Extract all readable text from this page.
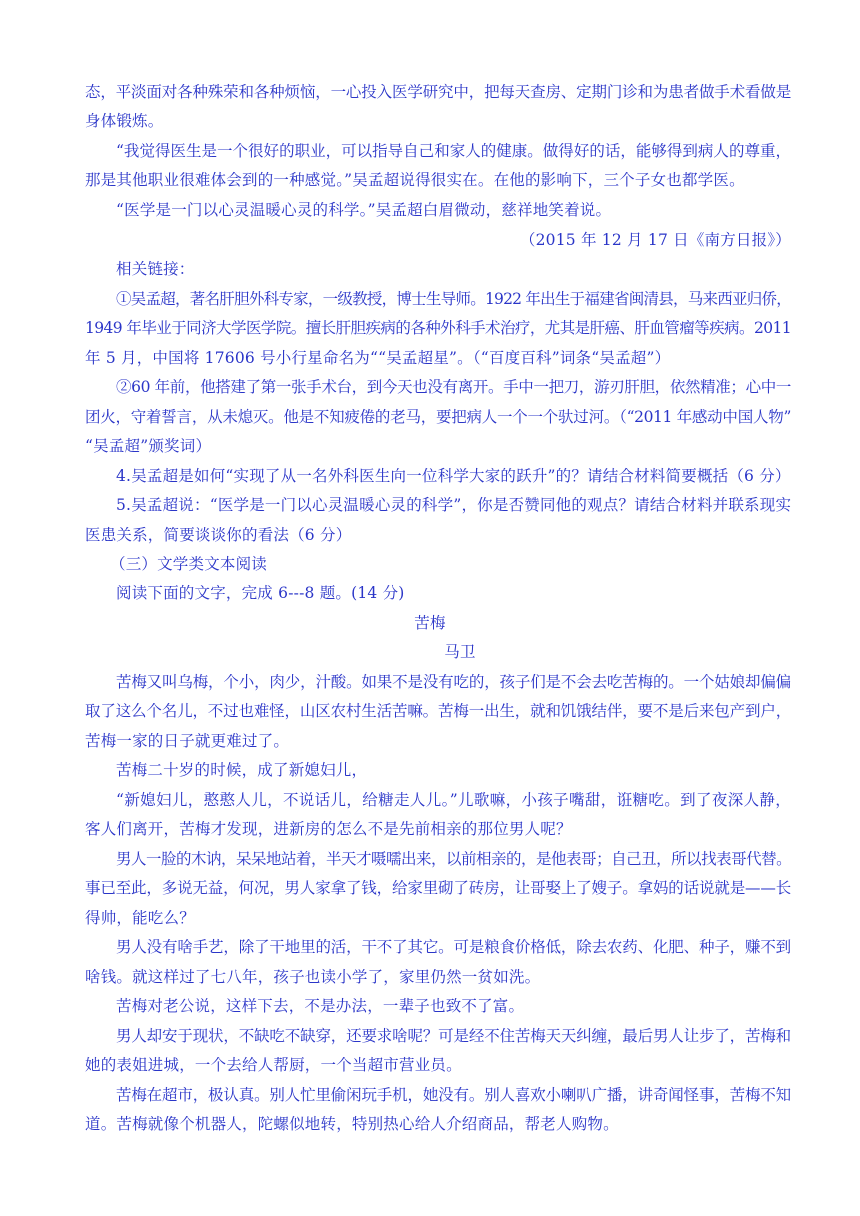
态，平淡面对各种殊荣和各种烦恼，一心投入医学研究中，把每天查房、定期门诊和为患者做手术看做是
身体锻炼。
“我觉得医生是一个很好的职业，可以指导自己和家人的健康。做得好的话，能够得到病人的尊重，
那是其他职业很难体会到的一种感觉。”吴孟超说得很实在。在他的影响下，三个子女也都学医。
“医学是一门以心灵温暖心灵的科学。”吴孟超白眉微动，慈祥地笑着说。
（2015 年 12 月 17 日《南方日报》）
相关链接：
①吴孟超，著名肝胆外科专家，一级教授，博士生导师。1922 年出生于福建省闽清县，马来西亚归侨，
1949 年毕业于同济大学医学院。擅长肝胆疾病的各种外科手术治疗，尤其是肝癌、肝血管瘤等疾病。2011
年 5 月，中国将 17606 号小行星命名为““吴孟超星”。（“百度百科”词条“吴孟超”）
②60 年前，他搭建了第一张手术台，到今天也没有离开。手中一把刀，游刃肝胆，依然精准；心中一
团火，守着誓言，从未熄灭。他是不知疲倦的老马，要把病人一个一个驮过河。（“2011 年感动中国人物”
“吴孟超”颁奖词）
4.吴孟超是如何“实现了从一名外科医生向一位科学大家的跃升”的？请结合材料简要概括（6 分）
5.吴孟超说：“医学是一门以心灵温暖心灵的科学”，你是否赞同他的观点？请结合材料并联系现实
医患关系，简要谈谈你的看法（6 分）
（三）文学类文本阅读
阅读下面的文字，完成 6---8 题。(14 分)
苦梅
马卫
苦梅又叫乌梅，个小，肉少，汁酸。如果不是没有吃的，孩子们是不会去吃苦梅的。一个姑娘却偏偏
取了这么个名儿，不过也难怪，山区农村生活苦嘛。苦梅一出生，就和饥饿结伴，要不是后来包产到户，
苦梅一家的日子就更难过了。
苦梅二十岁的时候，成了新媳妇儿，
“新媳妇儿，憨憨人儿，不说话儿，给糖走人儿。”儿歌嘛，小孩子嘴甜，诳糖吃。到了夜深人静，
客人们离开，苦梅才发现，进新房的怎么不是先前相亲的那位男人呢？
男人一脸的木讷，呆呆地站着，半天才嗫嚅出来，以前相亲的，是他表哥；自己丑，所以找表哥代替。
事已至此，多说无益，何况，男人家拿了钱，给家里砌了砖房，让哥娶上了嫂子。拿妈的话说就是——长
得帅，能吃么？
男人没有啥手艺，除了干地里的活，干不了其它。可是粮食价格低，除去农药、化肥、种子，赚不到
啥钱。就这样过了七八年，孩子也读小学了，家里仍然一贫如洗。
苦梅对老公说，这样下去，不是办法，一辈子也致不了富。
男人却安于现状，不缺吃不缺穿，还要求啥呢？可是经不住苦梅天天纠缠，最后男人让步了，苦梅和
她的表姐进城，一个去给人帮厨，一个当超市营业员。
苦梅在超市，极认真。别人忙里偷闲玩手机，她没有。别人喜欢小喇叭广播，讲奇闻怪事，苦梅不知
道。苦梅就像个机器人，陀螺似地转，特别热心给人介绍商品，帮老人购物。
